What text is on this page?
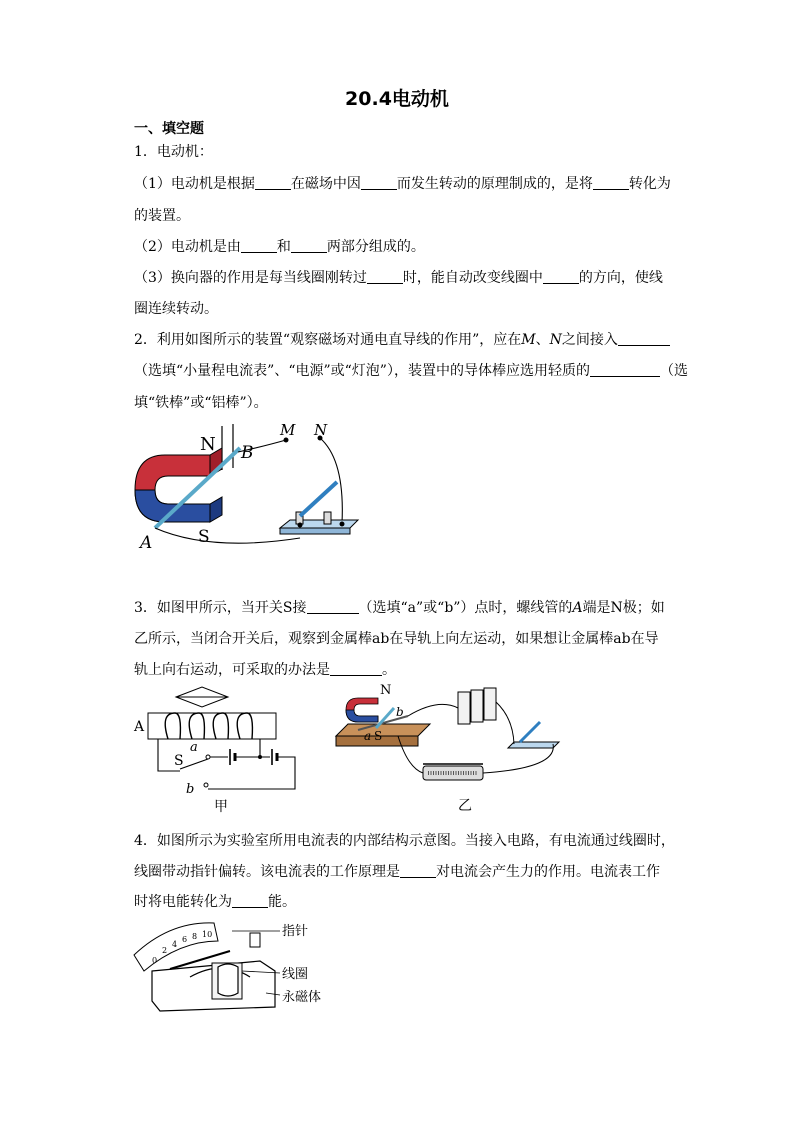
20.4电动机
一、填空题
1．电动机：
（1）电动机是根据	在磁场中因	而发生转动的原理制成的，是将	转化为
的装置。
（2）电动机是由	和	两部分组成的。
（3）换向器的作用是每当线圈刚转过	时，能自动改变线圈中	的方向，使线
圈连续转动。
2．利用如图所示的装置“观察磁场对通电直导线的作用”，应在M、N之间接入
（选填“小量程电流表”、“电源”或“灯泡”），装置中的导体棒应选用轻质的	（选
填“铁棒”或“铝棒”）。
N
S
A
B
M N
3．如图甲所示，当开关S接	（选填“a”或“b”）点时，螺线管的A端是N极；如
乙所示，当闭合开关后，观察到金属棒ab在导轨上向左运动，如果想让金属棒ab在导
轨上向右运动，可采取的办法是	。
A
S
a
b
甲
N
b
a S
乙
4．如图所示为实验室所用电流表的内部结构示意图。当接入电路，有电流通过线圈时，
线圈带动指针偏转。该电流表的工作原理是	对电流会产生力的作用。电流表工作
时将电能转化为	能。
0
2
4
6 8 10	指针
线圈
永磁体
